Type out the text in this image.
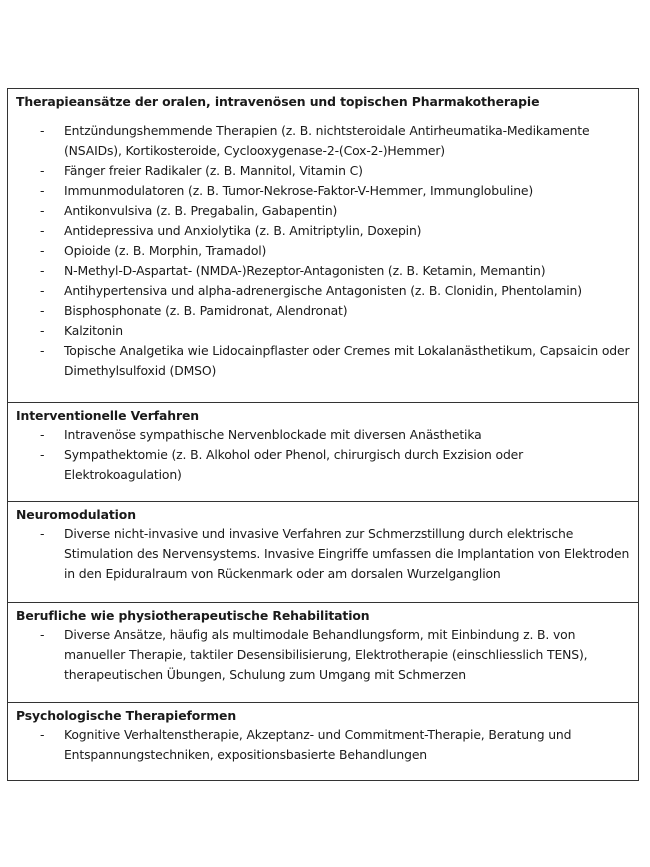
Therapieansätze der oralen, intravenösen und topischen Pharmakotherapie
- Entzündungshemmende Therapien (z. B. nichtsteroidale Antirheumatika-Medikamente (NSAIDs), Kortikosteroide, Cyclooxygenase-2-(Cox-2-)Hemmer)
- Fänger freier Radikaler (z. B. Mannitol, Vitamin C)
- Immunmodulatoren (z. B. Tumor-Nekrose-Faktor-V-Hemmer, Immunglobuline)
- Antikonvulsiva (z. B. Pregabalin, Gabapentin)
- Antidepressiva und Anxiolytika (z. B. Amitriptylin, Doxepin)
- Opioide (z. B. Morphin, Tramadol)
- N-Methyl-D-Aspartat- (NMDA-)Rezeptor-Antagonisten (z. B. Ketamin, Memantin)
- Antihypertensiva und alpha-adrenergische Antagonisten (z. B. Clonidin, Phentolamin)
- Bisphosphonate (z. B. Pamidronat, Alendronat)
- Kalzitonin
- Topische Analgetika wie Lidocainpflaster oder Cremes mit Lokalanästhetikum, Capsaicin oder Dimethylsulfoxid (DMSO)
Interventionelle Verfahren
- Intravenöse sympathische Nervenblockade mit diversen Anästhetika
- Sympathektomie (z. B. Alkohol oder Phenol, chirurgisch durch Exzision oder Elektrokoagulation)
Neuromodulation
- Diverse nicht-invasive und invasive Verfahren zur Schmerzstillung durch elektrische Stimulation des Nervensystems. Invasive Eingriffe umfassen die Implantation von Elektroden in den Epiduralraum von Rückenmark oder am dorsalen Wurzelganglion
Berufliche wie physiotherapeutische Rehabilitation
- Diverse Ansätze, häufig als multimodale Behandlungsform, mit Einbindung z. B. von manueller Therapie, taktiler Desensibilisierung, Elektrotherapie (einschliesslich TENS), therapeutischen Übungen, Schulung zum Umgang mit Schmerzen
Psychologische Therapieformen
- Kognitive Verhaltenstherapie, Akzeptanz- und Commitment-Therapie, Beratung und Entspannungstechniken, expositionsbasierte Behandlungen
